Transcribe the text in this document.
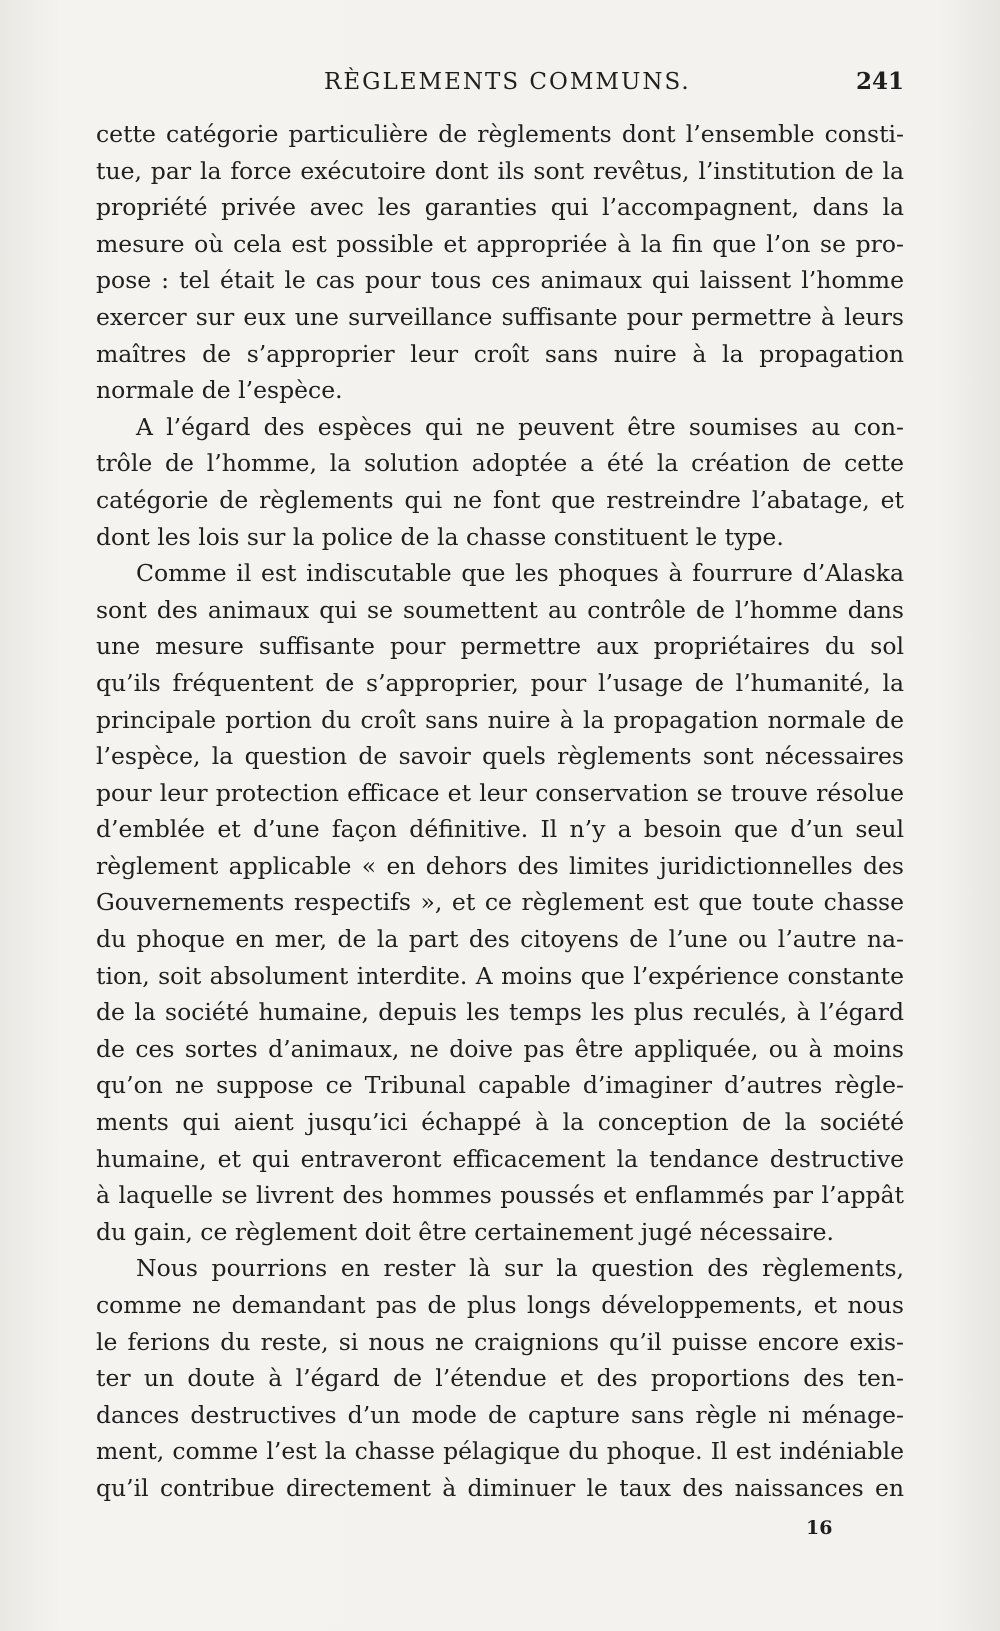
RÈGLEMENTS COMMUNS.	241
cette catégorie particulière de règlements dont l’ensemble consti-
tue, par la force exécutoire dont ils sont revêtus, l’institution de la
propriété privée avec les garanties qui l’accompagnent, dans la
mesure où cela est possible et appropriée à la fin que l’on se pro-
pose : tel était le cas pour tous ces animaux qui laissent l’homme
exercer sur eux une surveillance suffisante pour permettre à leurs
maîtres de s’approprier leur croît sans nuire à la propagation
normale de l’espèce.
A l’égard des espèces qui ne peuvent être soumises au con-
trôle de l’homme, la solution adoptée a été la création de cette
catégorie de règlements qui ne font que restreindre l’abatage, et
dont les lois sur la police de la chasse constituent le type.
Comme il est indiscutable que les phoques à fourrure d’Alaska
sont des animaux qui se soumettent au contrôle de l’homme dans
une mesure suffisante pour permettre aux propriétaires du sol
qu’ils fréquentent de s’approprier, pour l’usage de l’humanité, la
principale portion du croît sans nuire à la propagation normale de
l’espèce, la question de savoir quels règlements sont nécessaires
pour leur protection efficace et leur conservation se trouve résolue
d’emblée et d’une façon définitive. Il n’y a besoin que d’un seul
règlement applicable « en dehors des limites juridictionnelles des
Gouvernements respectifs », et ce règlement est que toute chasse
du phoque en mer, de la part des citoyens de l’une ou l’autre na-
tion, soit absolument interdite. A moins que l’expérience constante
de la société humaine, depuis les temps les plus reculés, à l’égard
de ces sortes d’animaux, ne doive pas être appliquée, ou à moins
qu’on ne suppose ce Tribunal capable d’imaginer d’autres règle-
ments qui aient jusqu’ici échappé à la conception de la société
humaine, et qui entraveront efficacement la tendance destructive
à laquelle se livrent des hommes poussés et enflammés par l’appât
du gain, ce règlement doit être certainement jugé nécessaire.
Nous pourrions en rester là sur la question des règlements,
comme ne demandant pas de plus longs développements, et nous
le ferions du reste, si nous ne craignions qu’il puisse encore exis-
ter un doute à l’égard de l’étendue et des proportions des ten-
dances destructives d’un mode de capture sans règle ni ménage-
ment, comme l’est la chasse pélagique du phoque. Il est indéniable
qu’il contribue directement à diminuer le taux des naissances en
16
